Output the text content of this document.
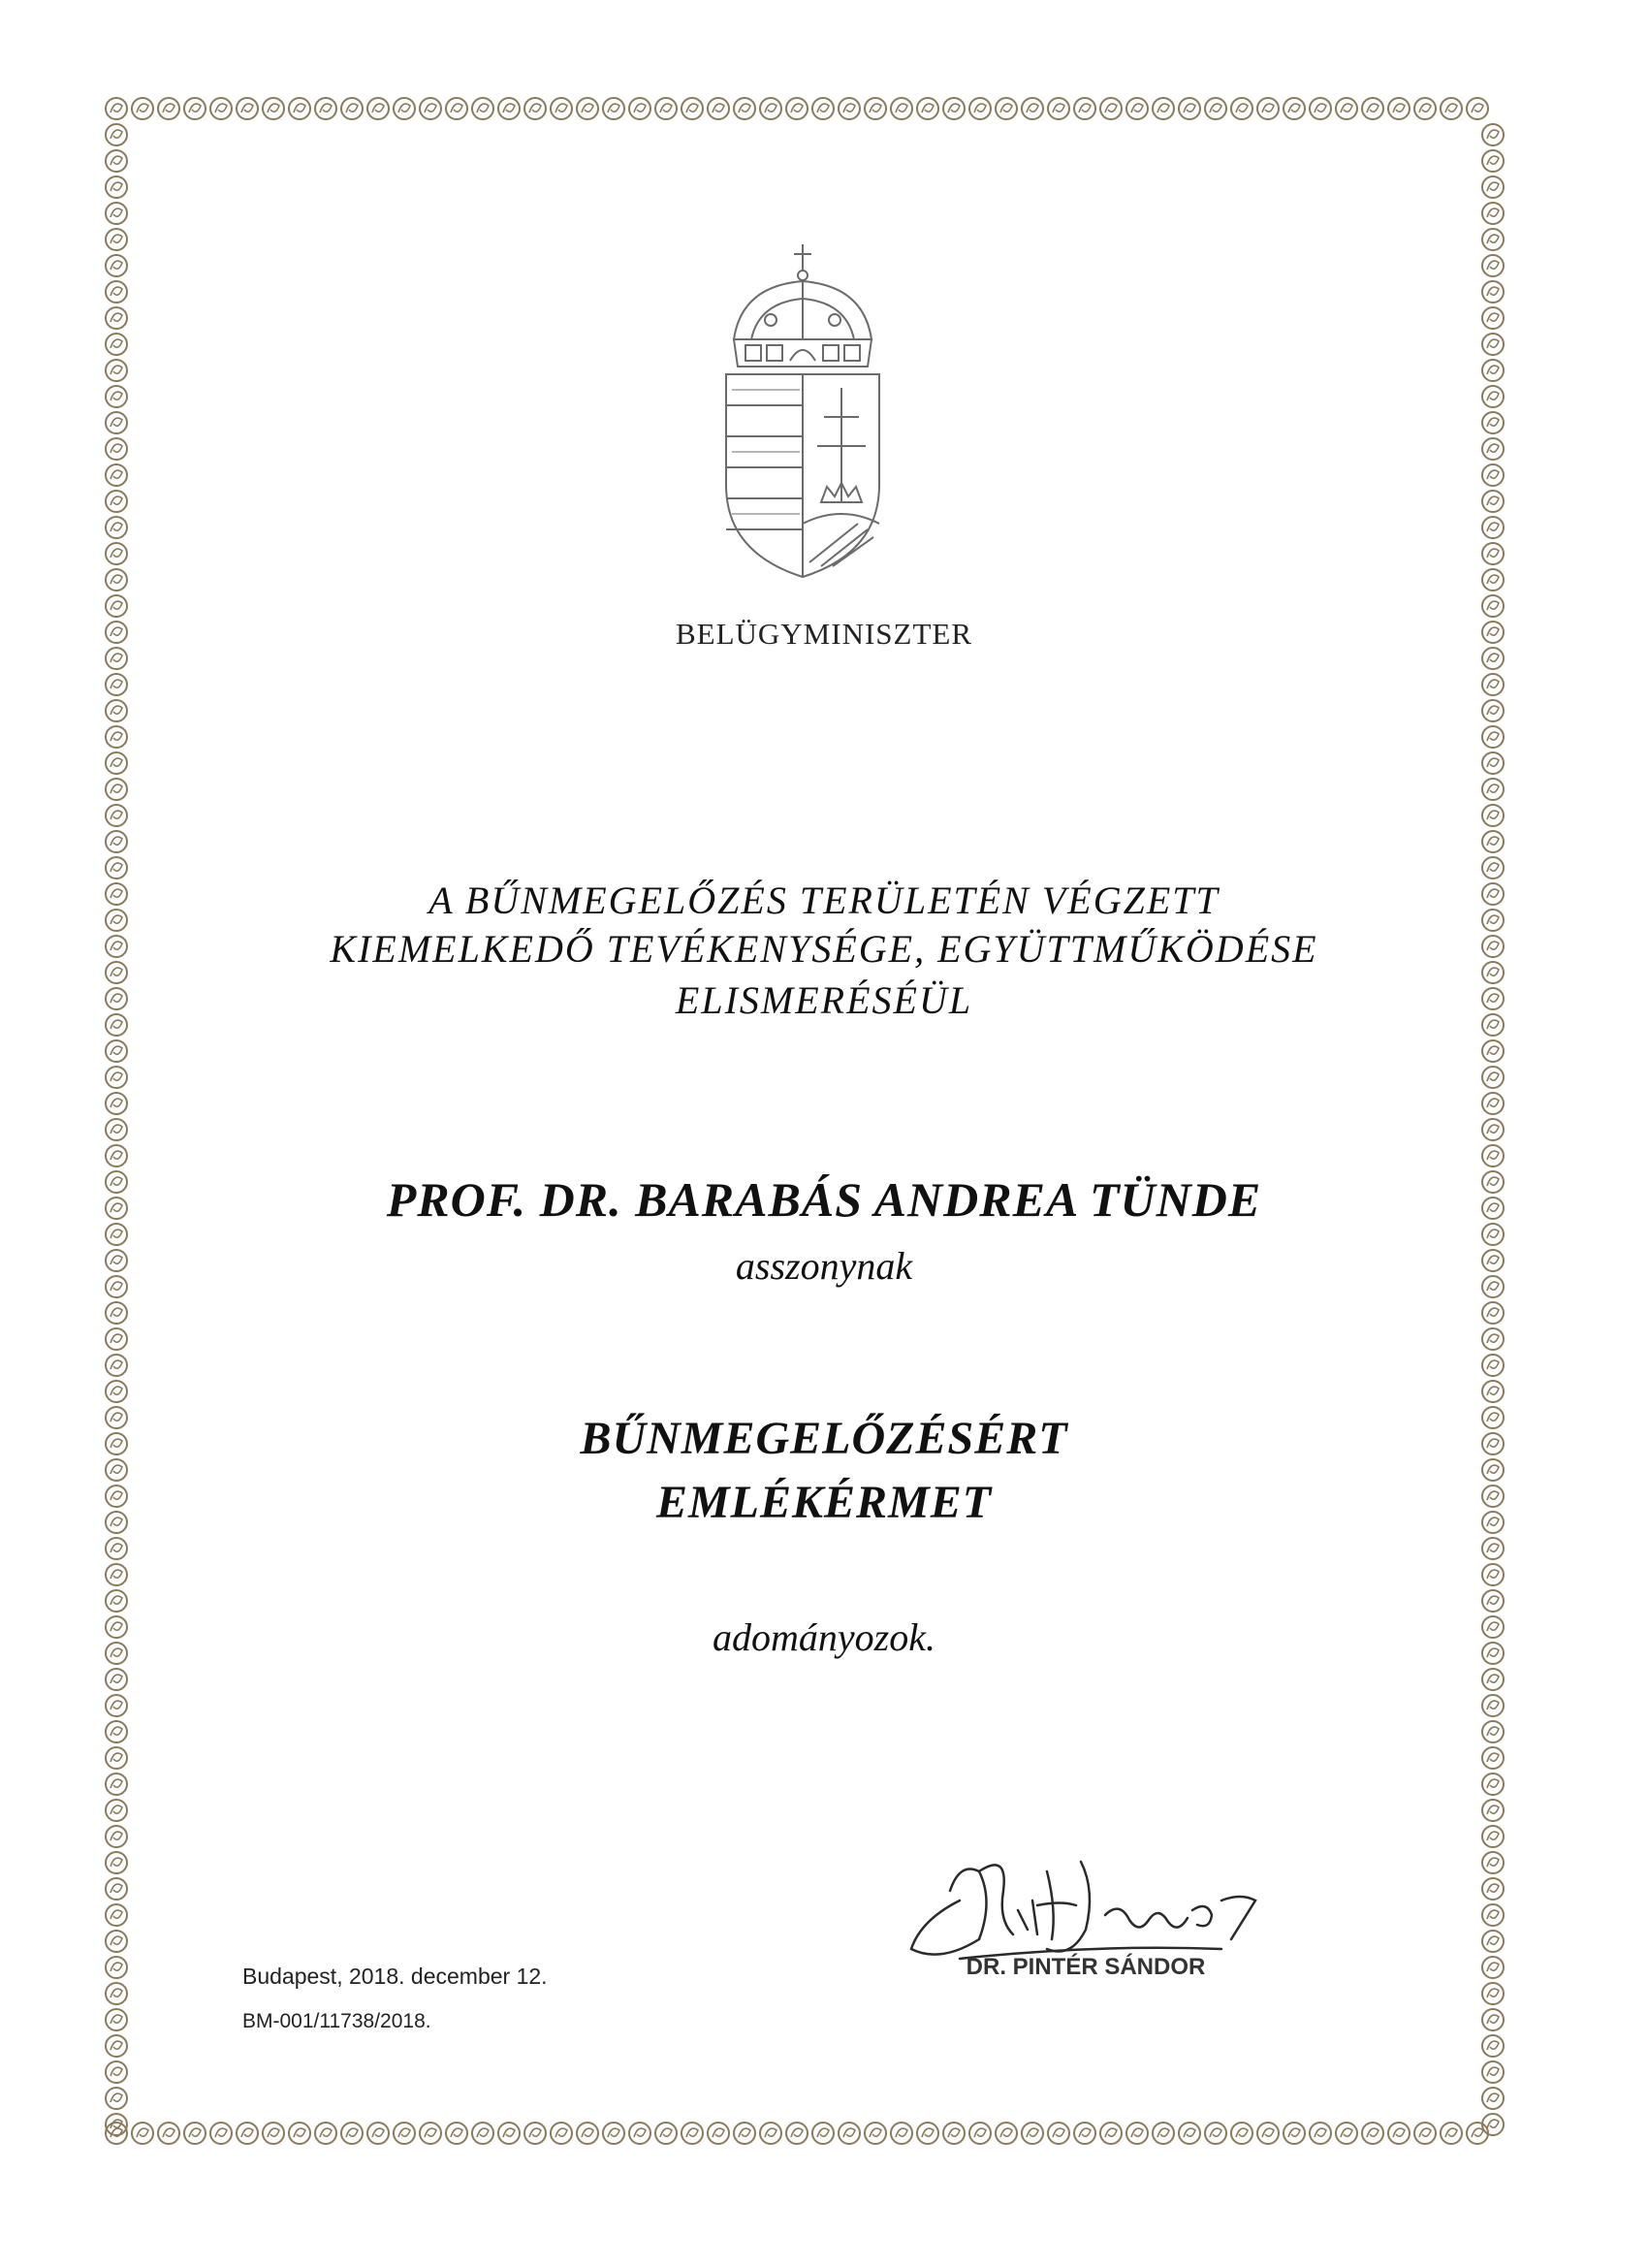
BELÜGYMINISZTER

A BŰNMEGELŐZÉS TERÜLETÉN VÉGZETT

KIEMELKEDŐ TEVÉKENYSÉGE, EGYÜTTMŰKÖDÉSE

ELISMERÉSÉÜL

PROF. DR. BARABÁS ANDREA TÜNDE

asszonynak

BŰNMEGELŐZÉSÉRT

EMLÉKÉRMET

adományozok.

Budapest, 2018. december 12.

BM-001/11738/2018.

DR. PINTÉR SÁNDOR
